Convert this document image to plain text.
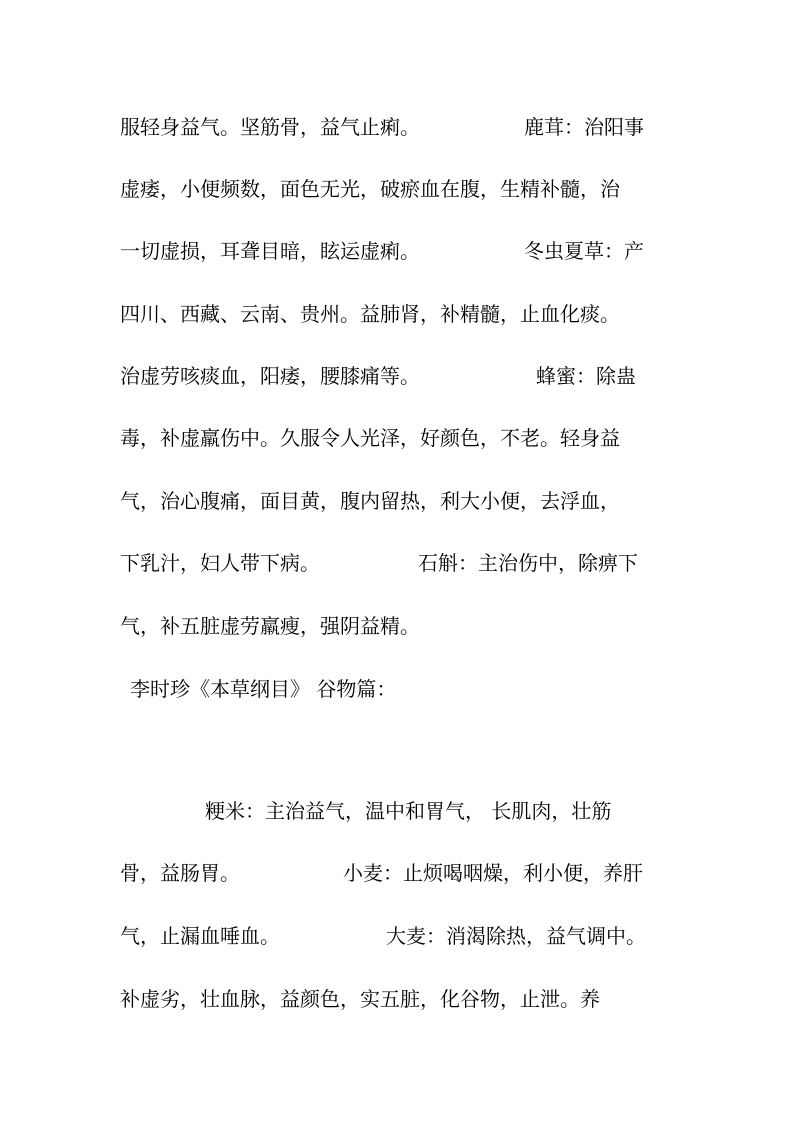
服轻身益气。坚筋骨，益气止痢。

	鹿茸：治阳事

虚痿，小便频数，面色无光，破瘀血在腹，生精补髓，治

一切虚损，耳聋目暗，眩运虚痢。

	冬虫夏草：产

四川、西藏、云南、贵州。益肺肾，补精髓，止血化痰。

治虚劳咳痰血，阳痿，腰膝痛等。

	蜂蜜：除蛊

毒，补虚羸伤中。久服令人光泽，好颜色，不老。轻身益

气，治心腹痛，面目黄，腹内留热，利大小便，去浮血，

下乳汁，妇人带下病。

	石斛：主治伤中，除痹下

气，补五脏虚劳羸瘦，强阴益精。

李时珍《本草纲目》 谷物篇：

粳米：主治益气，温中和胃气， 长肌肉，壮筋

骨，益肠胃。

	小麦：止烦喝咽燥，利小便，养肝

气，止漏血唾血。

	大麦：消渴除热，益气调中。

补虚劣，壮血脉，益颜色，实五脏，化谷物，止泄。养
